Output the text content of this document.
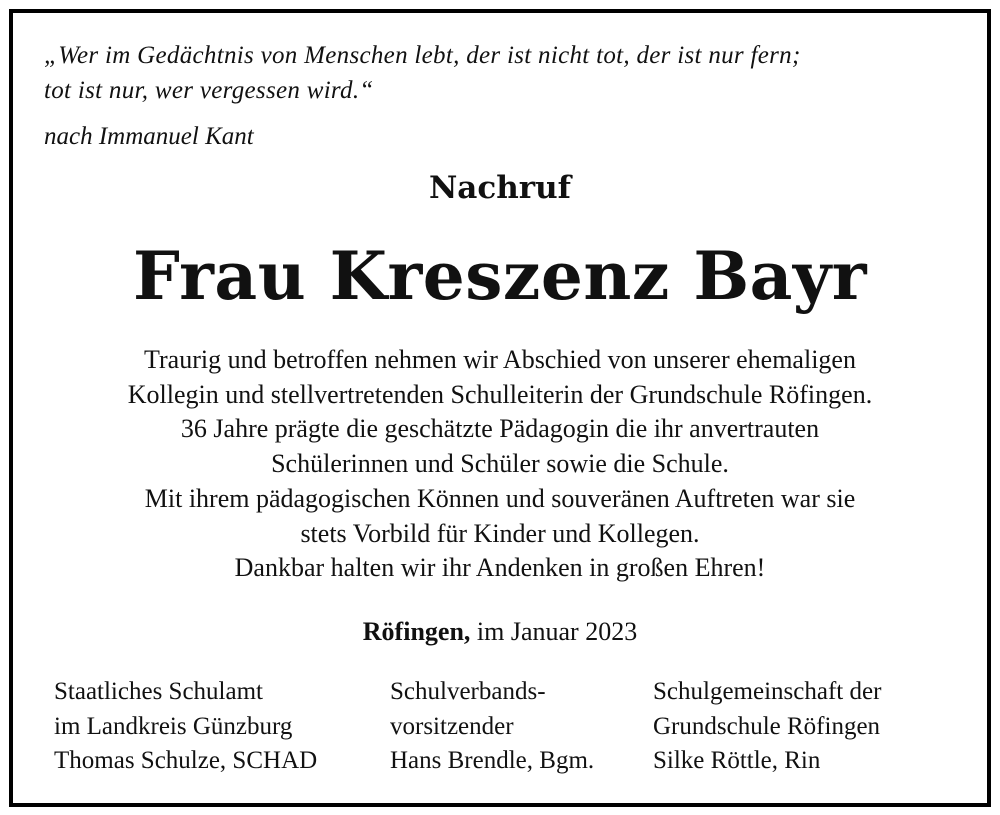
„Wer im Gedächtnis von Menschen lebt, der ist nicht tot, der ist nur fern;
tot ist nur, wer vergessen wird.“
nach Immanuel Kant
Nachruf
Frau Kreszenz Bayr
Traurig und betroffen nehmen wir Abschied von unserer ehemaligen
Kollegin und stellvertretenden Schulleiterin der Grundschule Röfingen.
36 Jahre prägte die geschätzte Pädagogin die ihr anvertrauten
Schülerinnen und Schüler sowie die Schule.
Mit ihrem pädagogischen Können und souveränen Auftreten war sie
stets Vorbild für Kinder und Kollegen.
Dankbar halten wir ihr Andenken in großen Ehren!
Röfingen, im Januar 2023
Staatliches Schulamt
im Landkreis Günzburg
Thomas Schulze, SCHAD
Schulverbands-
vorsitzender
Hans Brendle, Bgm.
Schulgemeinschaft der
Grundschule Röfingen
Silke Röttle, Rin
